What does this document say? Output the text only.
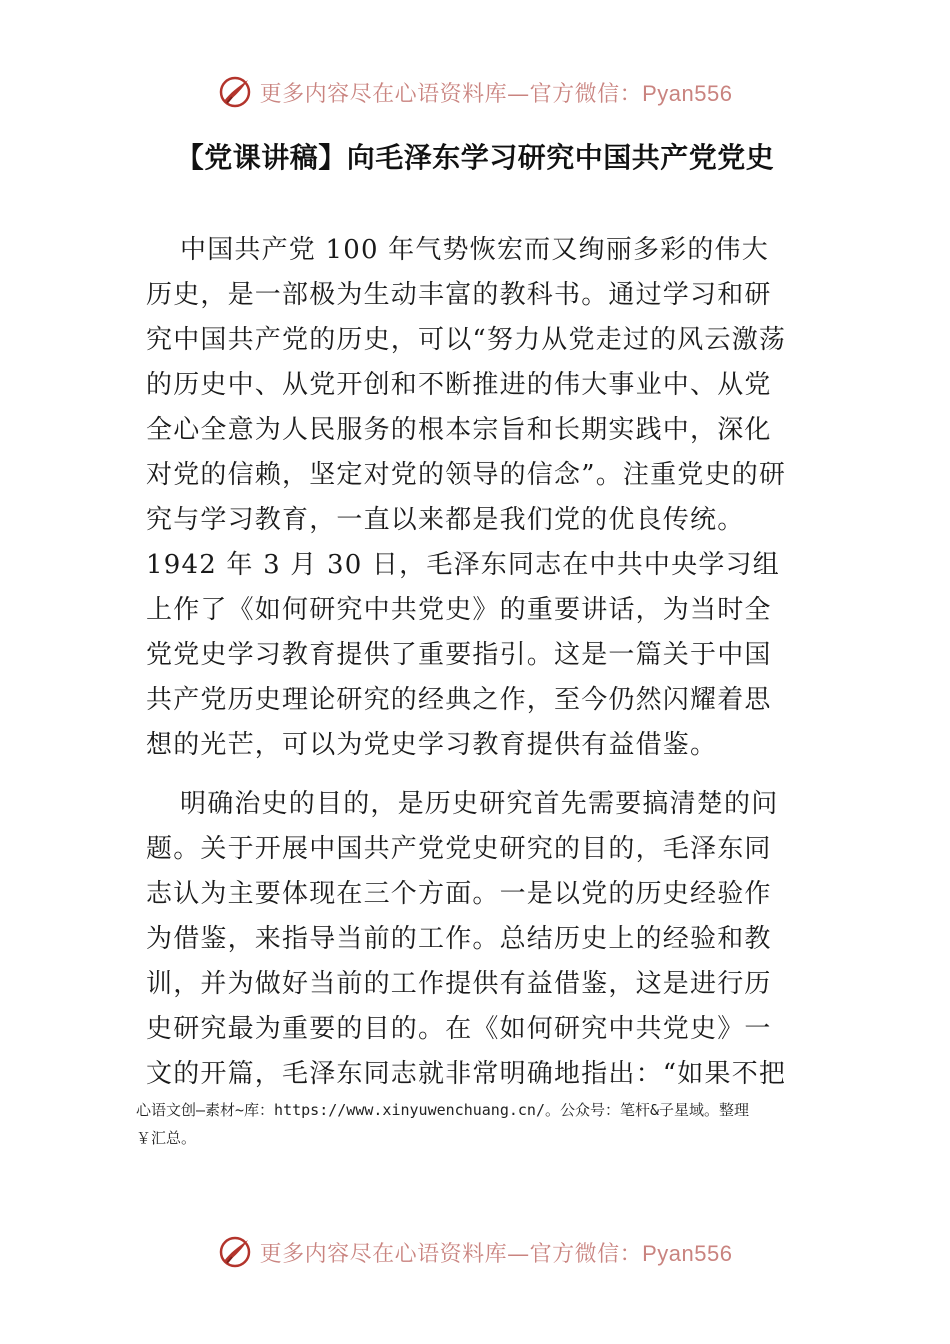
更多内容尽在心语资料库—官方微信：Pyan556
【党课讲稿】向毛泽东学习研究中国共产党党史

中国共产党 100 年气势恢宏而又绚丽多彩的伟大
历史，是一部极为生动丰富的教科书。通过学习和研
究中国共产党的历史，可以“努力从党走过的风云激荡
的历史中、从党开创和不断推进的伟大事业中、从党
全心全意为人民服务的根本宗旨和长期实践中，深化
对党的信赖，坚定对党的领导的信念”。注重党史的研
究与学习教育，一直以来都是我们党的优良传统。
1942 年 3 月 30 日，毛泽东同志在中共中央学习组
上作了《如何研究中共党史》的重要讲话，为当时全
党党史学习教育提供了重要指引。这是一篇关于中国
共产党历史理论研究的经典之作，至今仍然闪耀着思
想的光芒，可以为党史学习教育提供有益借鉴。

明确治史的目的，是历史研究首先需要搞清楚的问
题。关于开展中国共产党党史研究的目的，毛泽东同
志认为主要体现在三个方面。一是以党的历史经验作
为借鉴，来指导当前的工作。总结历史上的经验和教
训，并为做好当前的工作提供有益借鉴，这是进行历
史研究最为重要的目的。在《如何研究中共党史》一
文的开篇，毛泽东同志就非常明确地指出：“如果不把

心语文创—素材~库：https://www.xinyuwenchuang.cn/。公众号：笔杆&子星域。整理
￥汇总。
更多内容尽在心语资料库—官方微信：Pyan556
